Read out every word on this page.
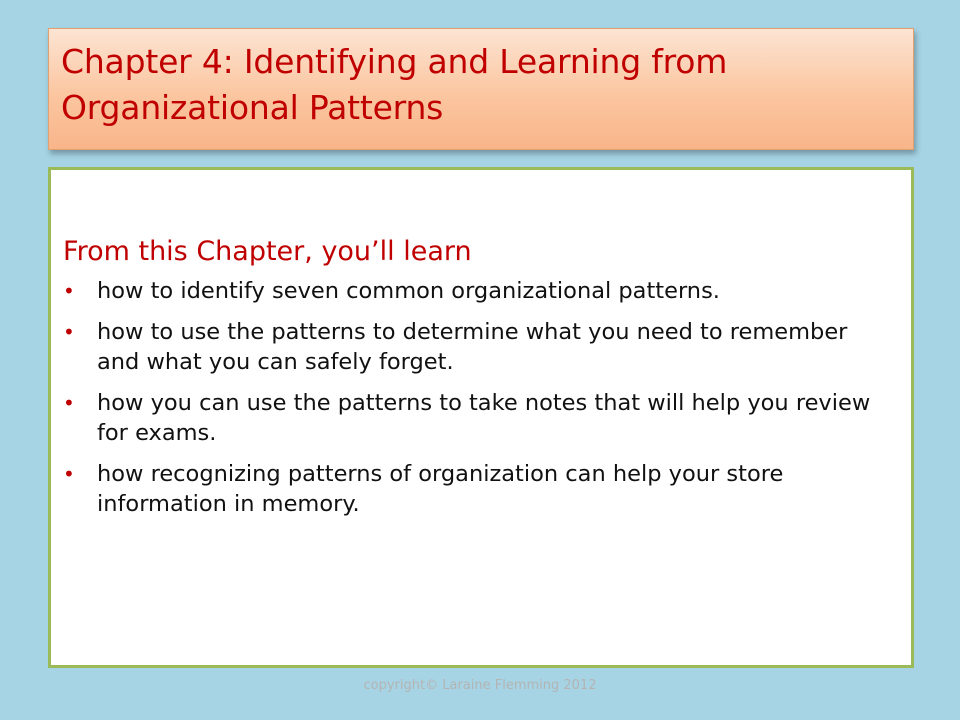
Chapter 4: Identifying and Learning from Organizational Patterns
From this Chapter, you’ll learn
• how to identify seven common organizational patterns.
• how to use the patterns to determine what you need to remember and what you can safely forget.
• how you can use the patterns to take notes that will help you review for exams.
• how recognizing patterns of organization can help your store information in memory.
copyright© Laraine Flemming 2012
